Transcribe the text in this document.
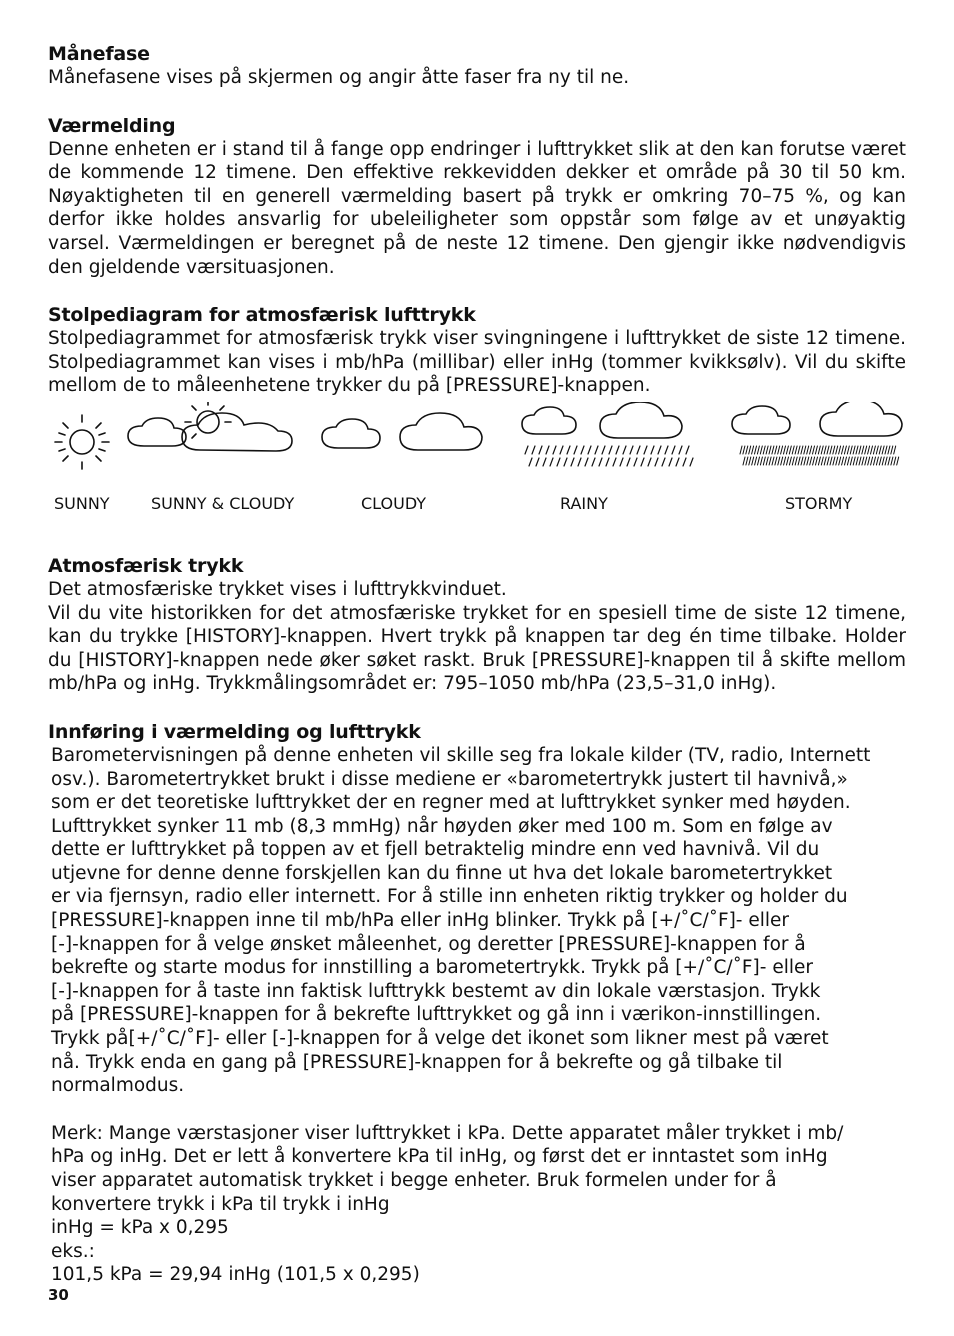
Månefase

Månefasene vises på skjermen og angir åtte faser fra ny til ne.

Værmelding

Denne enheten er i stand til å fange opp endringer i lufttrykket slik at den kan forutse været de kommende 12 timene. Den effektive rekkevidden dekker et område på 30 til 50 km. Nøyaktigheten til en generell værmelding basert på trykk er omkring 70–75 %, og kan derfor ikke holdes ansvarlig for ubeleiligheter som oppstår som følge av et unøyaktig varsel. Værmeldingen er beregnet på de neste 12 timene. Den gjengir ikke nødvendigvis den gjeldende værsituasjonen.

Stolpediagram for atmosfærisk lufttrykk

Stolpediagrammet for atmosfærisk trykk viser svingningene i lufttrykket de siste 12 timene. Stolpediagrammet kan vises i mb/hPa (millibar) eller inHg (tommer kvikksølv). Vil du skifte mellom de to måleenhetene trykker du på [PRESSURE]-knappen.

SUNNY	SUNNY & CLOUDY	CLOUDY	RAINY	STORMY

Atmosfærisk trykk

Det atmosfæriske trykket vises i lufttrykkvinduet.

Vil du vite historikken for det atmosfæriske trykket for en spesiell time de siste 12 timene, kan du trykke [HISTORY]-knappen. Hvert trykk på knappen tar deg én time tilbake. Holder du [HISTORY]-knappen nede øker søket raskt. Bruk [PRESSURE]-knappen til å skifte mellom mb/hPa og inHg. Trykkmålingsområdet er: 795–1050 mb/hPa (23,5–31,0 inHg).

Innføring i værmelding og lufttrykk

Barometervisningen på denne enheten vil skille seg fra lokale kilder (TV, radio, Internett
osv.). Barometertrykket brukt i disse mediene er «barometertrykk justert til havnivå,»
som er det teoretiske lufttrykket der en regner med at lufttrykket synker med høyden.
Lufttrykket synker 11 mb (8,3 mmHg) når høyden øker med 100 m. Som en følge av
dette er lufttrykket på toppen av et fjell betraktelig mindre enn ved havnivå. Vil du
utjevne for denne denne forskjellen kan du finne ut hva det lokale barometertrykket
er via fjernsyn, radio eller internett. For å stille inn enheten riktig trykker og holder du
[PRESSURE]-knappen inne til mb/hPa eller inHg blinker. Trykk på [+/˚C/˚F]- eller
[-]-knappen for å velge ønsket måleenhet, og deretter [PRESSURE]-knappen for å
bekrefte og starte modus for innstilling a barometertrykk. Trykk på [+/˚C/˚F]- eller
[-]-knappen for å taste inn faktisk lufttrykk bestemt av din lokale værstasjon. Trykk
på [PRESSURE]-knappen for å bekrefte lufttrykket og gå inn i værikon-innstillingen.
Trykk på[+/˚C/˚F]- eller [-]-knappen for å velge det ikonet som likner mest på været
nå. Trykk enda en gang på [PRESSURE]-knappen for å bekrefte og gå tilbake til
normalmodus.
Merk: Mange værstasjoner viser lufttrykket i kPa. Dette apparatet måler trykket i mb/
hPa og inHg. Det er lett å konvertere kPa til inHg, og først det er inntastet som inHg
viser apparatet automatisk trykket i begge enheter. Bruk formelen under for å
konvertere trykk i kPa til trykk i inHg
inHg = kPa x 0,295
eks.:
101,5 kPa = 29,94 inHg (101,5 x 0,295)
30
